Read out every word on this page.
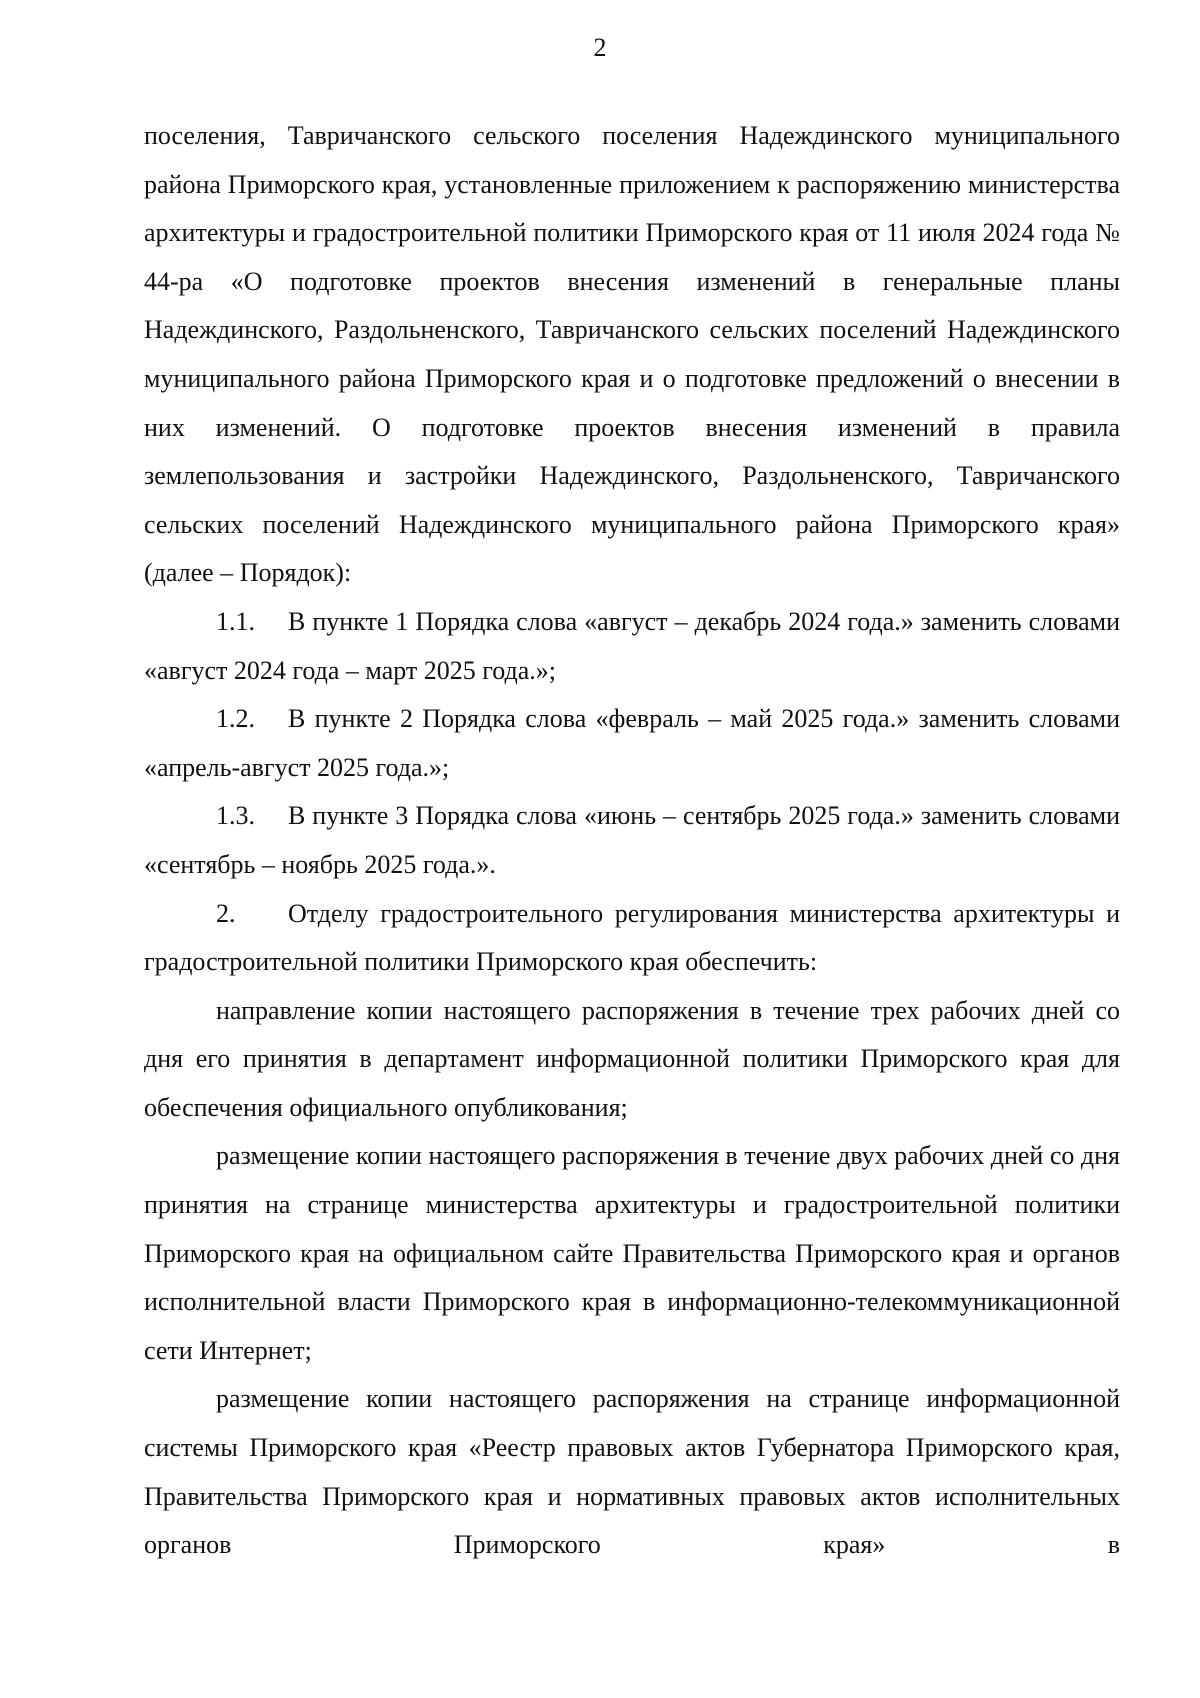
2

поселения, Тавричанского сельского поселения Надеждинского муниципального района Приморского края, установленные приложением к распоряжению министерства архитектуры и градостроительной политики Приморского края от 11 июля 2024 года № 44-ра «О подготовке проектов внесения изменений в генеральные планы Надеждинского, Раздольненского, Тавричанского сельских поселений Надеждинского муниципального района Приморского края и о подготовке предложений о внесении в них изменений. О подготовке проектов внесения изменений в правила землепользования и застройки Надеждинского, Раздольненского, Тавричанского сельских поселений Надеждинского муниципального района Приморского края» (далее – Порядок):

1.1. В пункте 1 Порядка слова «август – декабрь 2024 года.» заменить словами «август 2024 года – март 2025 года.»;

1.2. В пункте 2 Порядка слова «февраль – май 2025 года.» заменить словами «апрель-август 2025 года.»;

1.3. В пункте 3 Порядка слова «июнь – сентябрь 2025 года.» заменить словами «сентябрь – ноябрь 2025 года.».

2. Отделу градостроительного регулирования министерства архитектуры и градостроительной политики Приморского края обеспечить:

направление копии настоящего распоряжения в течение трех рабочих дней со дня его принятия в департамент информационной политики Приморского края для обеспечения официального опубликования;

размещение копии настоящего распоряжения в течение двух рабочих дней со дня принятия на странице министерства архитектуры и градостроительной политики Приморского края на официальном сайте Правительства Приморского края и органов исполнительной власти Приморского края в информационно-телекоммуникационной сети Интернет;

размещение копии настоящего распоряжения на странице информационной системы Приморского края «Реестр правовых актов Губернатора Приморского края, Правительства Приморского края и нормативных правовых актов исполнительных органов Приморского края» в
